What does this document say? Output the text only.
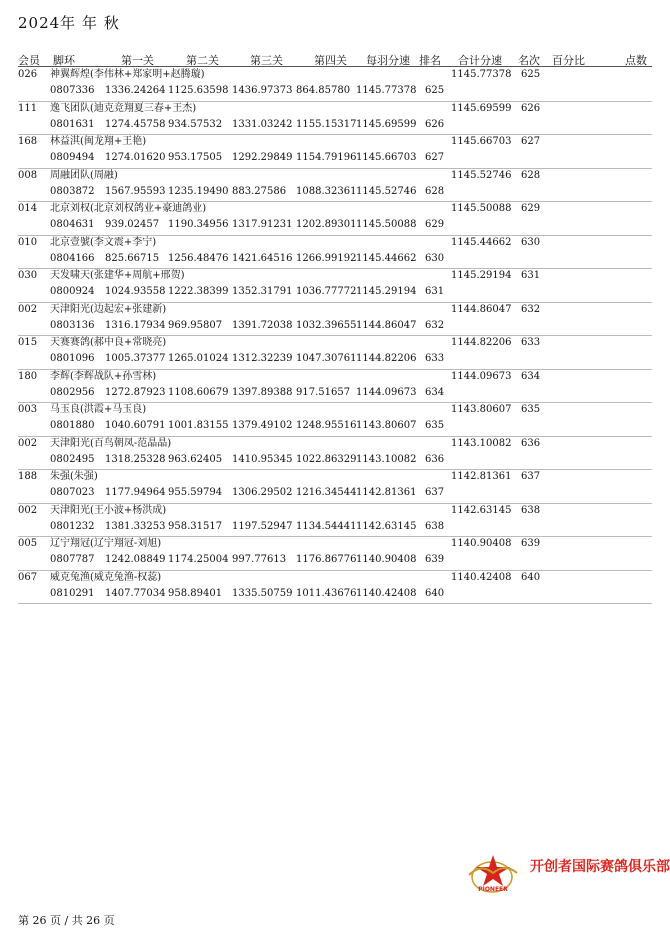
2024年 年 秋
会员 脚环	第一关	第二关	第三关	第四关 每羽分速 排名 合计分速 名次 百分比	点数
026 神翼辉煌(李伟林+郑家明+赵腾璇)	1145.77378 625
0807336 1336.24264 1125.63598 1436.97373 864.85780 1145.77378 625
111 逸飞团队(迪克竞翔夏三春+王杰)	1145.69599 626
0801631 1274.45758 934.57532 1331.03242 1155.15317 1145.69599 626
168 林益淇(闽龙翔+王艳)	1145.66703 627
0809494 1274.01620 953.17505 1292.29849 1154.79196 1145.66703 627
008 周融团队(周融)	1145.52746 628
0803872 1567.95593 1235.19490 883.27586 1088.32361 1145.52746 628
014 北京刘权(北京刘权鸽业+豪迪鸽业)	1145.50088 629
0804631 939.02457 1190.34956 1317.91231 1202.89301 1145.50088 629
010 北京壹號(李文震+李宁)	1145.44662 630
0804166 825.66715 1256.48476 1421.64516 1266.99192 1145.44662 630
030 天发啸天(张建华+周航+邢贺)	1145.29194 631
0800924 1024.93558 1222.38399 1352.31791 1036.77772 1145.29194 631
002 天津阳光(边起宏+张建新)	1144.86047 632
0803136 1316.17934 969.95807 1391.72038 1032.39655 1144.86047 632
015 天赛赛鸽(郝中良+常晓亮)	1144.82206 633
0801096 1005.37377 1265.01024 1312.32239 1047.30761 1144.82206 633
180 李辉(李辉战队+孙雪林)	1144.09673 634
0802956 1272.87923 1108.60679 1397.89388 917.51657 1144.09673 634
003 马玉良(洪霞+马玉良)	1143.80607 635
0801880 1040.60791 1001.83155 1379.49102 1248.95516 1143.80607 635
002 天津阳光(百鸟朝凤-范晶晶)	1143.10082 636
0802495 1318.25328 963.62405 1410.95345 1022.86329 1143.10082 636
188 朱强(朱强)	1142.81361 637
0807023 1177.94964 955.59794 1306.29502 1216.34544 1142.81361 637
002 天津阳光(王小波+杨洪成)	1142.63145 638
0801232 1381.33253 958.31517 1197.52947 1134.54441 1142.63145 638
005 辽宁翔冠(辽宁翔冠-刘旭)	1140.90408 639
0807787 1242.08849 1174.25004 997.77613 1176.86776 1140.90408 639
067 威克兔渔(威克兔渔-权蕊)	1140.42408 640
0810291 1407.77034 958.89401 1335.50759 1011.43676 1140.42408 640
PIONEER
开创者国际赛鸽俱乐部
第 26 页 / 共 26 页
